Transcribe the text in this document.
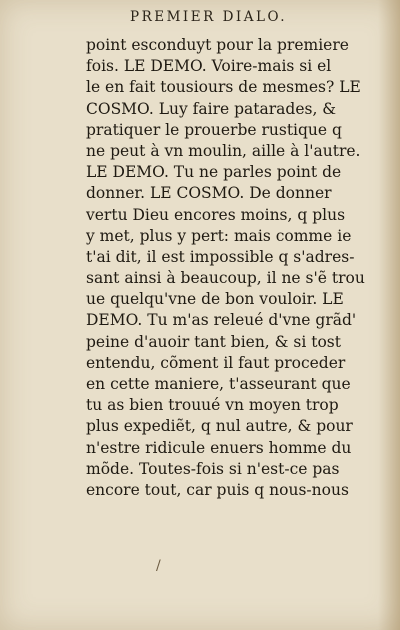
PREMIER DIALO.
point esconduyt pour la premiere
fois. LE DEMO. Voire-mais si el
le en fait tousiours de mesmes? LE
COSMO. Luy faire patarades, &
pratiquer le prouerbe rustique q
ne peut à vn moulin, aille à l'autre.
LE DEMO. Tu ne parles point de
donner. LE COSMO. De donner
vertu Dieu encores moins, q plus
y met, plus y pert: mais comme ie
t'ai dit, il est impossible q s'adres-
sant ainsi à beaucoup, il ne s'ẽ trou
ue quelqu'vne de bon vouloir. LE
DEMO. Tu m'as releué d'vne grãd'
peine d'auoir tant bien, & si tost
entendu, cõment il faut proceder
en cette maniere, t'asseurant que
tu as bien trouué vn moyen trop
plus expediẽt, q nul autre, & pour
n'estre ridicule enuers homme du
mõde. Toutes-fois si n'est-ce pas
encore tout, car puis q nous-nous
/
